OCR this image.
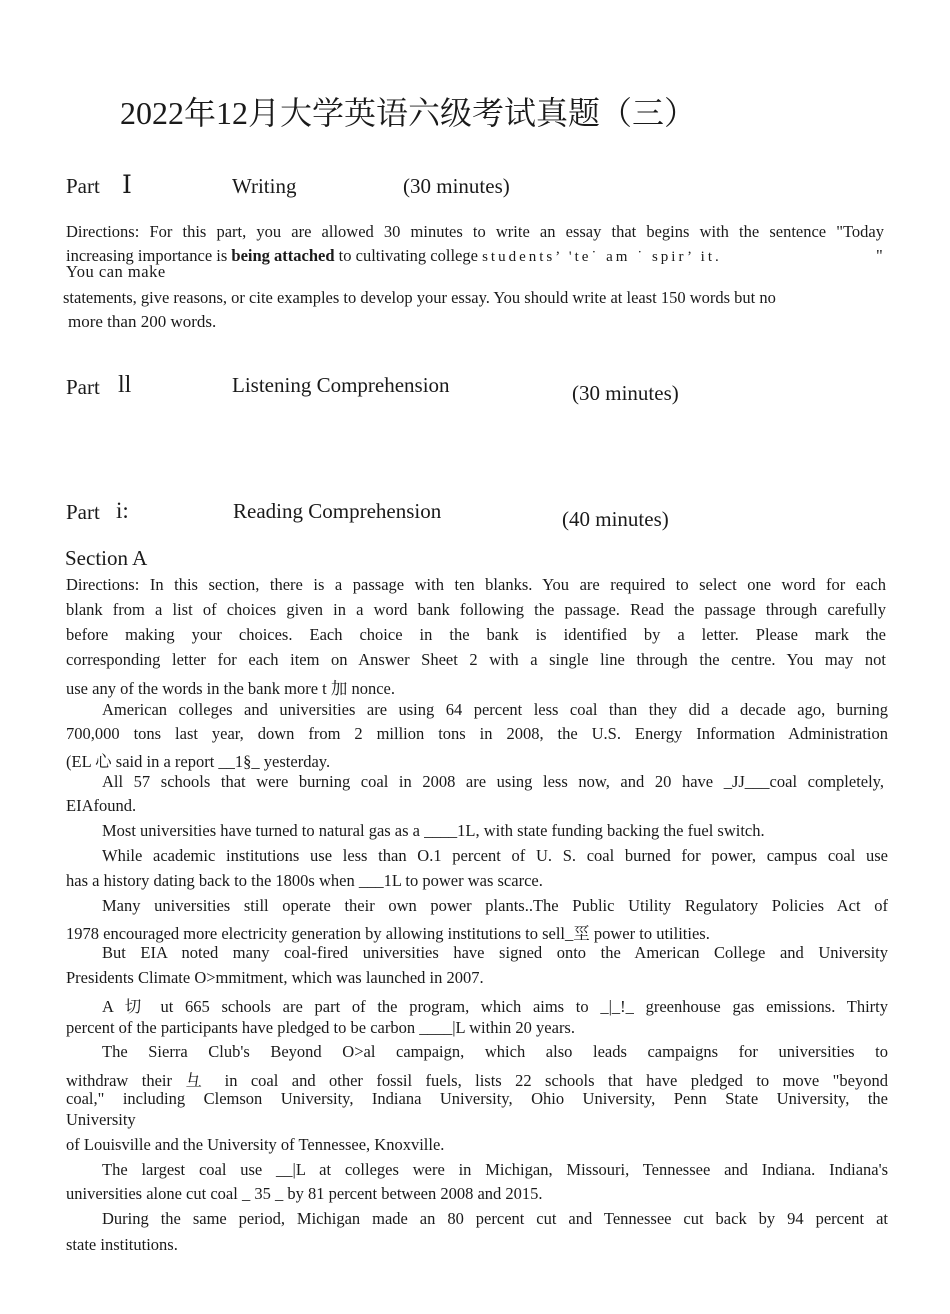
2022年12月大学英语六级考试真题（三）
Part Ⅰ	Writing	(30 minutes)
Directions: For this part, you are allowed 30 minutes to write an essay that begins with the sentence "Today
increasing importance is being attached to cultivating college students’ 'te˙ am ˙ spir’ it.	"
You can make
statements, give reasons, or cite examples to develop your essay. You should write at least 150 words but no
more than 200 words.
Part ll	Listening Comprehension	(30 minutes)
Part i:	Reading Comprehension	(40 minutes)
Section A
Directions: In this section, there is a passage with ten blanks. You are required to select one word for each
blank from a list of choices given in a word bank following the passage. Read the passage through carefully
before making your choices. Each choice in the bank is identified by a letter. Please mark the
corresponding letter for each item on Answer Sheet 2 with a single line through the centre. You may not
use any of the words in the bank more t 加 nonce.
American colleges and universities are using 64 percent less coal than they did a decade ago, burning
700,000 tons last year, down from 2 million tons in 2008, the U.S. Energy Information Administration
(EL 心 said in a report __1§_ yesterday.
All 57 schools that were burning coal in 2008 are using less now, and 20 have _JJ___coal completely,
EIAfound.
Most universities have turned to natural gas as a ____1L, with state funding backing the fuel switch.
While academic institutions use less than O.1 percent of U. S. coal burned for power, campus coal use
has a history dating back to the 1800s when ___1L to power was scarce.
Many universities still operate their own power plants..The Public Utility Regulatory Policies Act of
1978 encouraged more electricity generation by allowing institutions to sell_坙 power to utilities.
But EIA noted many coal-fired universities have signed onto the American College and University
Presidents Climate O>mmitment, which was launched in 2007.
A 切 ut 665 schools are part of the program, which aims to _|_!_ greenhouse gas emissions. Thirty
percent of the participants have pledged to be carbon ____|L within 20 years.
The Sierra Club's Beyond O>al campaign, which also leads campaigns for universities to
withdraw their 彑 in coal and other fossil fuels, lists 22 schools that have pledged to move "beyond
coal," including Clemson University, Indiana University, Ohio University, Penn State University, the
University
of Louisville and the University of Tennessee, Knoxville.
The largest coal use __|L at colleges were in Michigan, Missouri, Tennessee and Indiana. Indiana's
universities alone cut coal _ 35 _ by 81 percent between 2008 and 2015.
During the same period, Michigan made an 80 percent cut and Tennessee cut back by 94 percent at
state institutions.
